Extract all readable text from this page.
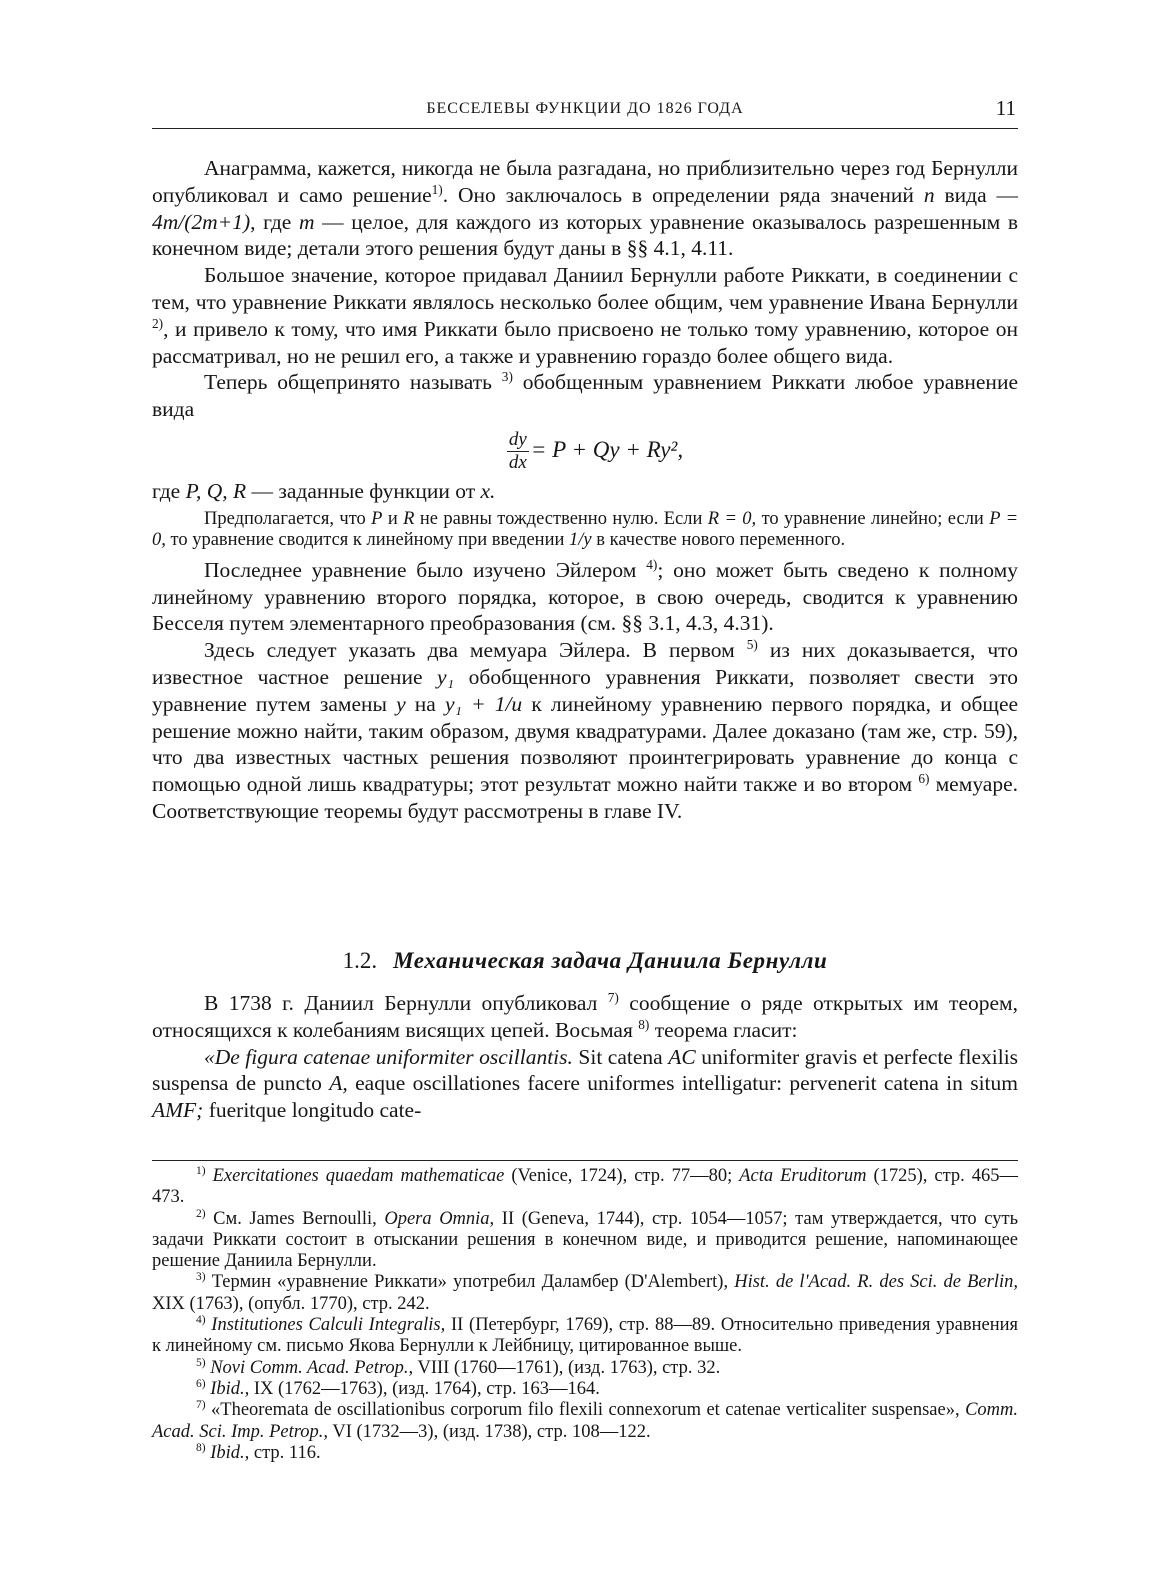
БЕССЕЛЕВЫ ФУНКЦИИ ДО 1826 ГОДА	11

Анаграмма, кажется, никогда не была разгадана, но приблизительно через год Бернулли опубликовал и само решение$^{1)}$. Оно заключалось в определении ряда значений n вида — 4m/(2m+1), где m — целое, для каждого из которых уравнение оказывалось разрешенным в конечном виде; детали этого решения будут даны в §§ 4.1, 4.11.

Большое значение, которое придавал Даниил Бернулли работе Риккати, в соединении с тем, что уравнение Риккати являлось несколько более общим, чем уравнение Ивана Бернулли $^{2)}$, и привело к тому, что имя Риккати было присвоено не только тому уравнению, которое он рассматривал, но не решил его, а также и уравнению гораздо более общего вида.

Теперь общепринято называть $^{3)}$ обобщенным уравнением Риккати любое уравнение вида

$\frac{dy}{dx} = P + Qy + Ry^2$,

где P, Q, R — заданные функции от x.

Предполагается, что P и R не равны тождественно нулю. Если R = 0, то уравнение линейно; если P = 0, то уравнение сводится к линейному при введении 1/y в качестве нового переменного.

Последнее уравнение было изучено Эйлером $^{4)}$; оно может быть сведено к полному линейному уравнению второго порядка, которое, в свою очередь, сводится к уравнению Бесселя путем элементарного преобразования (см. §§ 3.1, 4.3, 4.31).

Здесь следует указать два мемуара Эйлера. В первом $^{5)}$ из них доказывается, что известное частное решение y₁ обобщенного уравнения Риккати, позволяет свести это уравнение путем замены y на y₁ + 1/u к линейному уравнению первого порядка, и общее решение можно найти, таким образом, двумя квадратурами. Далее доказано (там же, стр. 59), что два известных частных решения позволяют проинтегрировать уравнение до конца с помощью одной лишь квадратуры; этот результат можно найти также и во втором $^{6)}$ мемуаре. Соответствующие теоремы будут рассмотрены в главе IV.

1.2. Механическая задача Даниила Бернулли

В 1738 г. Даниил Бернулли опубликовал $^{7)}$ сообщение о ряде открытых им теорем, относящихся к колебаниям висящих цепей. Восьмая $^{8)}$ теорема гласит:

«De figura catenae uniformiter oscillantis. Sit catena AC uniformiter gravis et perfecte flexilis suspensa de puncto A, eaque oscillationes facere uniformes intelligatur: pervenerit catena in situm AMF; fueritque longitudo cate-

$^{1)}$ Exercitationes quaedam mathematicae (Venice, 1724), стр. 77—80; Acta Eruditorum (1725), стр. 465—473.

$^{2)}$ См. James Bernoulli, Opera Omnia, II (Geneva, 1744), стр. 1054—1057; там утверждается, что суть задачи Риккати состоит в отыскании решения в конечном виде, и приводится решение, напоминающее решение Даниила Бернулли.

$^{3)}$ Термин «уравнение Риккати» употребил Даламбер (D'Alembert), Hist. de l'Acad. R. des Sci. de Berlin, XIX (1763), (опубл. 1770), стр. 242.

$^{4)}$ Institutiones Calculi Integralis, II (Петербург, 1769), стр. 88—89. Относительно приведения уравнения к линейному см. письмо Якова Бернулли к Лейбницу, цитированное выше.

$^{5)}$ Novi Comm. Acad. Petrop., VIII (1760—1761), (изд. 1763), стр. 32.

$^{6)}$ Ibid., IX (1762—1763), (изд. 1764), стр. 163—164.

$^{7)}$ «Theoremata de oscillationibus corporum filo flexili connexorum et catenae verticaliter suspensae», Comm. Acad. Sci. Imp. Petrop., VI (1732—3), (изд. 1738), стр. 108—122.

$^{8)}$ Ibid., стр. 116.
